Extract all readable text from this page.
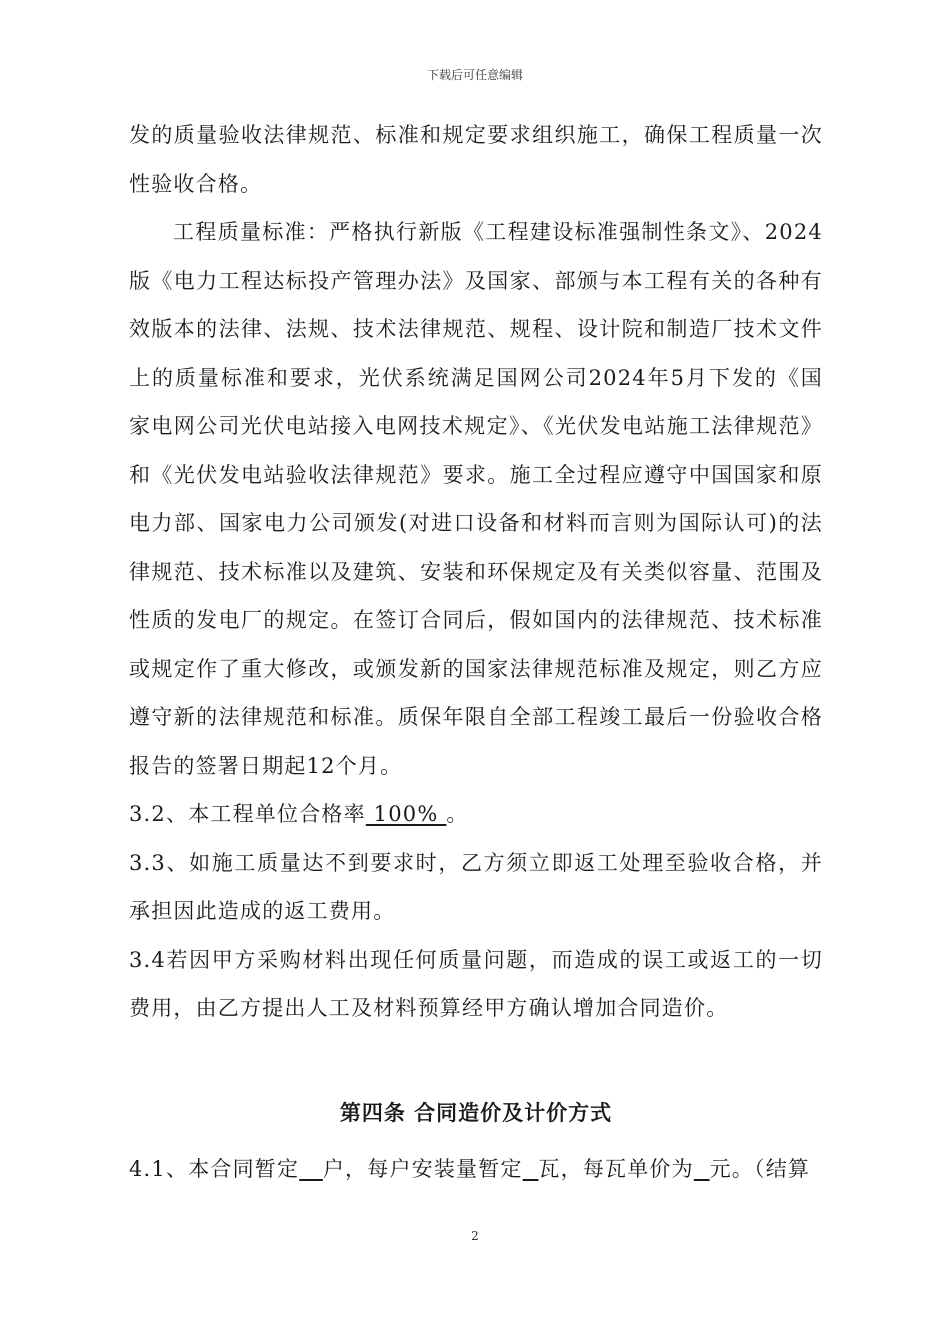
下载后可任意编辑

发的质量验收法律规范、标准和规定要求组织施工，确保工程质量一次性验收合格。

工程质量标准：严格执行新版《工程建设标准强制性条文》、2024版《电力工程达标投产管理办法》及国家、部颁与本工程有关的各种有效版本的法律、法规、技术法律规范、规程、设计院和制造厂技术文件上的质量标准和要求，光伏系统满足国网公司2024年5月下发的《国家电网公司光伏电站接入电网技术规定》、《光伏发电站施工法律规范》和《光伏发电站验收法律规范》要求。施工全过程应遵守中国国家和原电力部、国家电力公司颁发(对进口设备和材料而言则为国际认可)的法律规范、技术标准以及建筑、安装和环保规定及有关类似容量、范围及性质的发电厂的规定。在签订合同后，假如国内的法律规范、技术标准或规定作了重大修改，或颁发新的国家法律规范标准及规定，则乙方应遵守新的法律规范和标准。质保年限自全部工程竣工最后一份验收合格报告的签署日期起12个月。

3.2、本工程单位合格率 100% 。

3.3、如施工质量达不到要求时，乙方须立即返工处理至验收合格，并承担因此造成的返工费用。

3.4若因甲方采购材料出现任何质量问题，而造成的误工或返工的一切费用，由乙方提出人工及材料预算经甲方确认增加合同造价。

第四条 合同造价及计价方式

4.1、本合同暂定 户，每户安装量暂定 瓦，每瓦单价为 元。（结算

2
